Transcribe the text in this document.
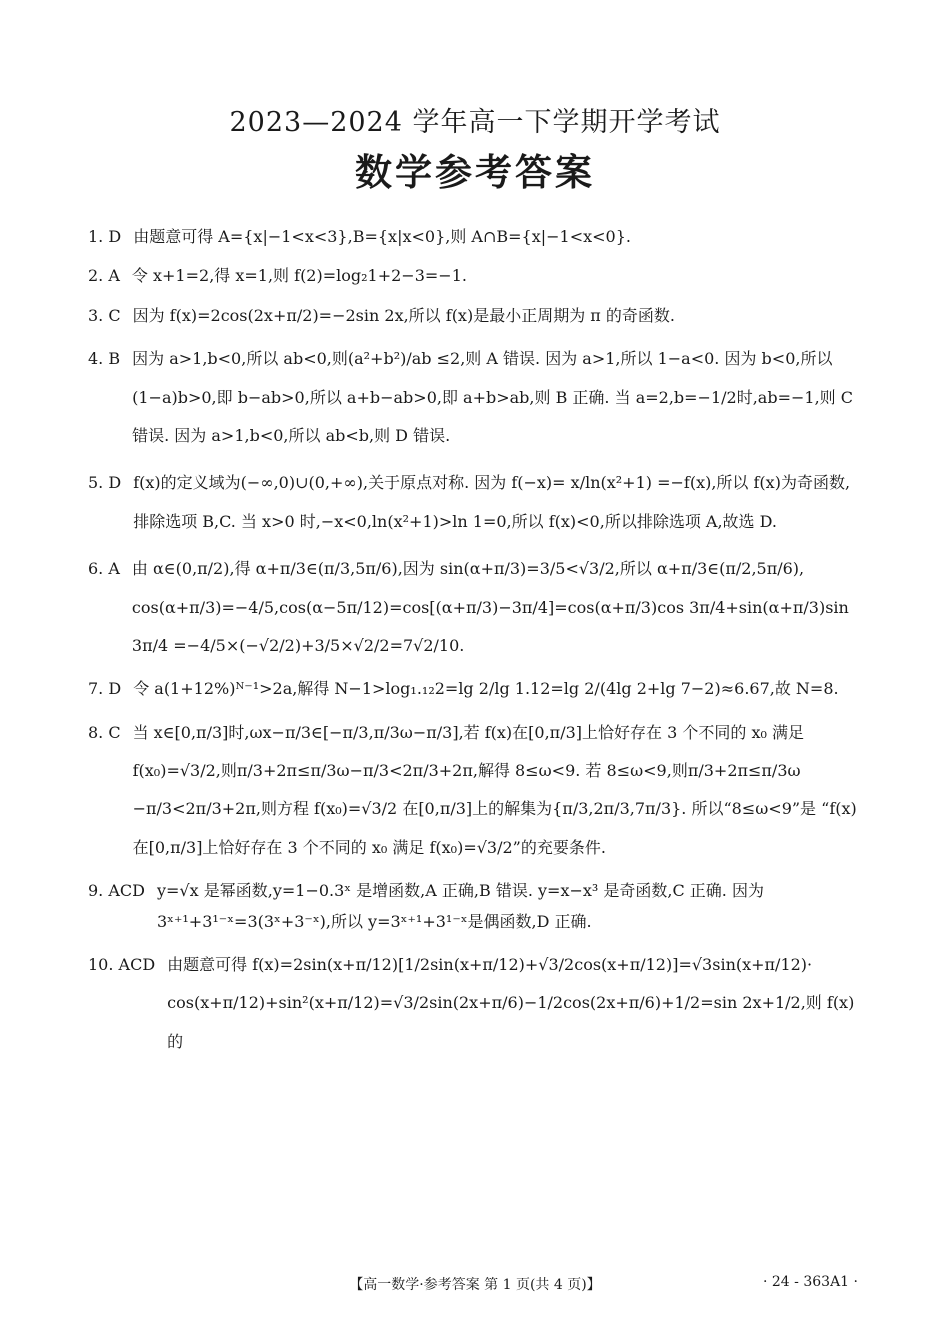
2023—2024 学年高一下学期开学考试
数学参考答案
1. D 由题意可得 A={x|−1<x<3},B={x|x<0},则 A∩B={x|−1<x<0}.
2. A 令 x+1=2,得 x=1,则 f(2)=log₂1+2−3=−1.
3. C 因为 f(x)=2cos(2x+π/2)=−2sin 2x,所以 f(x)是最小正周期为 π 的奇函数.
4. B 因为 a>1,b<0,所以 ab<0,则(a²+b²)/ab ≤2,则 A 错误. 因为 a>1,所以 1−a<0. 因为 b<0,所以(1−a)b>0,即 b−ab>0,所以 a+b−ab>0,即 a+b>ab,则 B 正确. 当 a=2,b=−1/2时,ab=−1,则 C 错误. 因为 a>1,b<0,所以 ab<b,则 D 错误.
5. D f(x)的定义域为(−∞,0)∪(0,+∞),关于原点对称. 因为 f(−x)= x/ln(x²+1) =−f(x),所以 f(x)为奇函数,排除选项 B,C. 当 x>0 时,−x<0,ln(x²+1)>ln 1=0,所以 f(x)<0,所以排除选项 A,故选 D.
6. A 由 α∈(0,π/2),得 α+π/3∈(π/3,5π/6),因为 sin(α+π/3)=3/5<√3/2,所以 α+π/3∈(π/2,5π/6), cos(α+π/3)=−4/5,cos(α−5π/12)=cos[(α+π/3)−3π/4]=cos(α+π/3)cos 3π/4+sin(α+π/3)sin 3π/4 =−4/5×(−√2/2)+3/5×√2/2=7√2/10.
7. D 令 a(1+12%)ᴺ⁻¹>2a,解得 N−1>log₁.₁₂2=lg 2/lg 1.12=lg 2/(4lg 2+lg 7−2)≈6.67,故 N=8.
8. C 当 x∈[0,π/3]时,ωx−π/3∈[−π/3,π/3ω−π/3],若 f(x)在[0,π/3]上恰好存在 3 个不同的 x₀ 满足 f(x₀)=√3/2,则π/3+2π≤π/3ω−π/3<2π/3+2π,解得 8≤ω<9. 若 8≤ω<9,则π/3+2π≤π/3ω −π/3<2π/3+2π,则方程 f(x₀)=√3/2 在[0,π/3]上的解集为{π/3,2π/3,7π/3}. 所以“8≤ω<9”是 “f(x)在[0,π/3]上恰好存在 3 个不同的 x₀ 满足 f(x₀)=√3/2”的充要条件.
9. ACD y=√x 是幂函数,y=1−0.3ˣ 是增函数,A 正确,B 错误. y=x−x³ 是奇函数,C 正确. 因为 3ˣ⁺¹+3¹⁻ˣ=3(3ˣ+3⁻ˣ),所以 y=3ˣ⁺¹+3¹⁻ˣ是偶函数,D 正确.
10. ACD 由题意可得 f(x)=2sin(x+π/12)[1/2sin(x+π/12)+√3/2cos(x+π/12)]=√3sin(x+π/12)· cos(x+π/12)+sin²(x+π/12)=√3/2sin(2x+π/6)−1/2cos(2x+π/6)+1/2=sin 2x+1/2,则 f(x)的
【高一数学·参考答案 第 1 页(共 4 页)】	· 24 - 363A1 ·
